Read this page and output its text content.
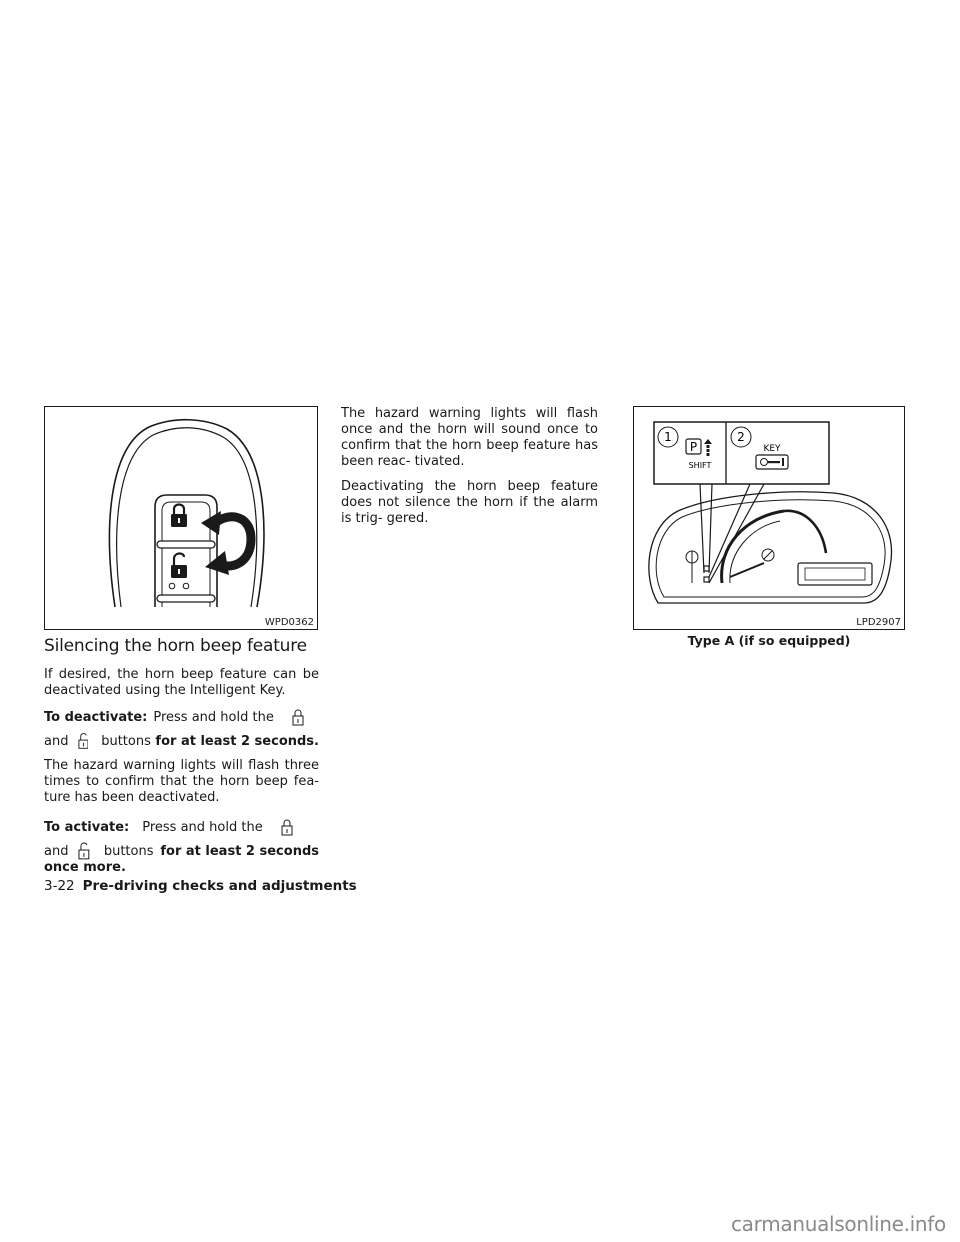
WPD0362
Silencing the horn beep feature

If desired, the horn beep feature can be deactivated using the Intelligent Key.

To deactivate: Press and hold the
and	buttons for at least 2 seconds.

The hazard warning lights will flash three times to confirm that the horn beep fea- ture has been deactivated.

To activate: Press and hold the
and	buttons for at least 2 seconds
once more.

The hazard warning lights will flash once and the horn will sound once to confirm that the horn beep feature has been reac- tivated.

Deactivating the horn beep feature does not silence the horn if the alarm is trig- gered.

1	2
P
SHIFT
KEY
LPD2907
Type A (if so equipped)
3-22 Pre-driving checks and adjustments
carmanualsonline.info
